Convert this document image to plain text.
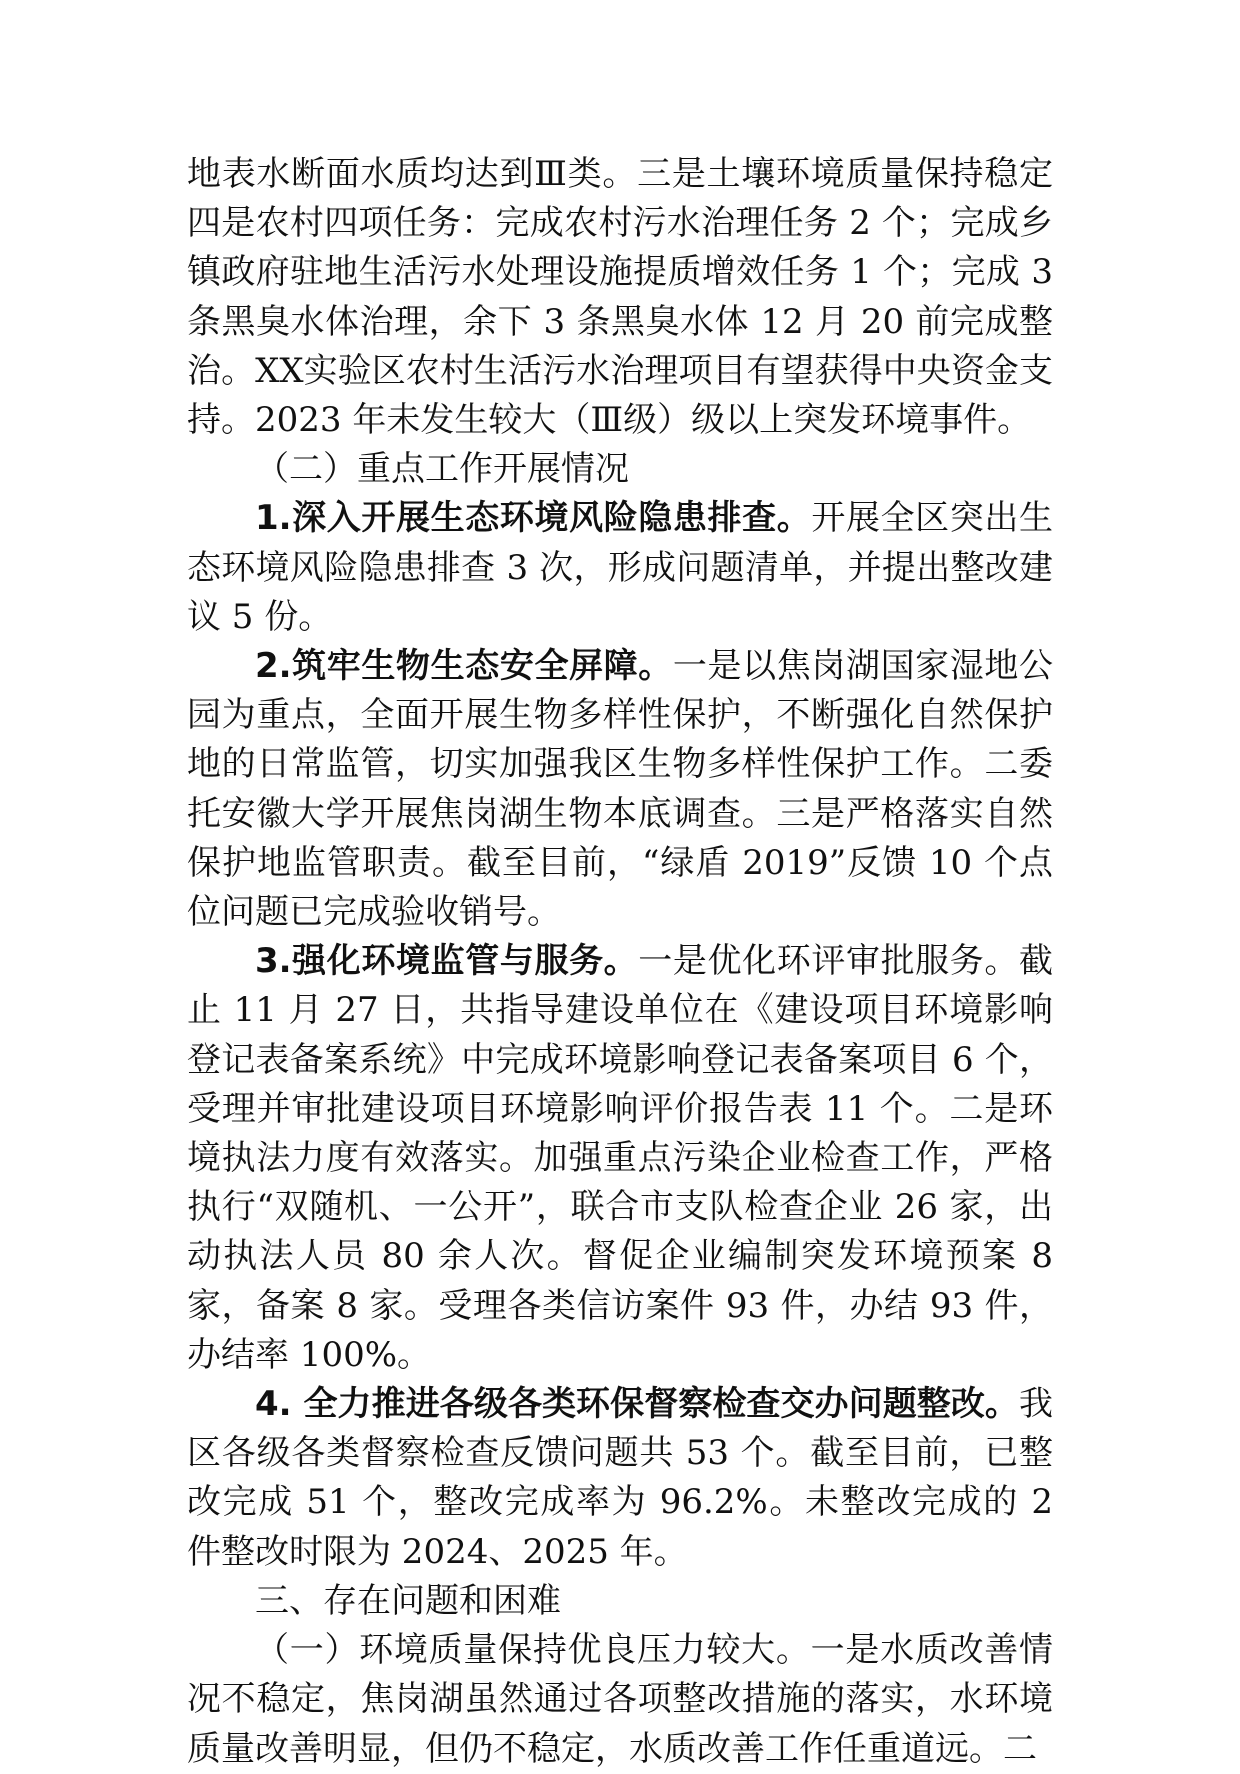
地表水断面水质均达到Ⅲ类。三是土壤环境质量保持稳定四是农村四项任务：完成农村污水治理任务 2 个；完成乡镇政府驻地生活污水处理设施提质增效任务 1 个；完成 3 条黑臭水体治理，余下 3 条黑臭水体 12 月 20 前完成整治。XX实验区农村生活污水治理项目有望获得中央资金支持。2023 年未发生较大（Ⅲ级）级以上突发环境事件。

（二）重点工作开展情况

1.深入开展生态环境风险隐患排查。开展全区突出生态环境风险隐患排查 3 次，形成问题清单，并提出整改建议 5 份。

2.筑牢生物生态安全屏障。一是以焦岗湖国家湿地公园为重点，全面开展生物多样性保护，不断强化自然保护地的日常监管，切实加强我区生物多样性保护工作。二委托安徽大学开展焦岗湖生物本底调查。三是严格落实自然保护地监管职责。截至目前，“绿盾 2019”反馈 10 个点位问题已完成验收销号。

3.强化环境监管与服务。一是优化环评审批服务。截止 11 月 27 日，共指导建设单位在《建设项目环境影响登记表备案系统》中完成环境影响登记表备案项目 6 个，受理并审批建设项目环境影响评价报告表 11 个。二是环境执法力度有效落实。加强重点污染企业检查工作，严格执行“双随机、一公开”，联合市支队检查企业 26 家，出动执法人员 80 余人次。督促企业编制突发环境预案 8 家，备案 8 家。受理各类信访案件 93 件，办结 93 件，办结率 100%。

4. 全力推进各级各类环保督察检查交办问题整改。我区各级各类督察检查反馈问题共 53 个。截至目前，已整改完成 51 个，整改完成率为 96.2%。未整改完成的 2 件整改时限为 2024、2025 年。

三、存在问题和困难

（一）环境质量保持优良压力较大。一是水质改善情况不稳定，焦岗湖虽然通过各项整改措施的落实，水环境质量改善明显，但仍不稳定，水质改善工作任重道远。二
